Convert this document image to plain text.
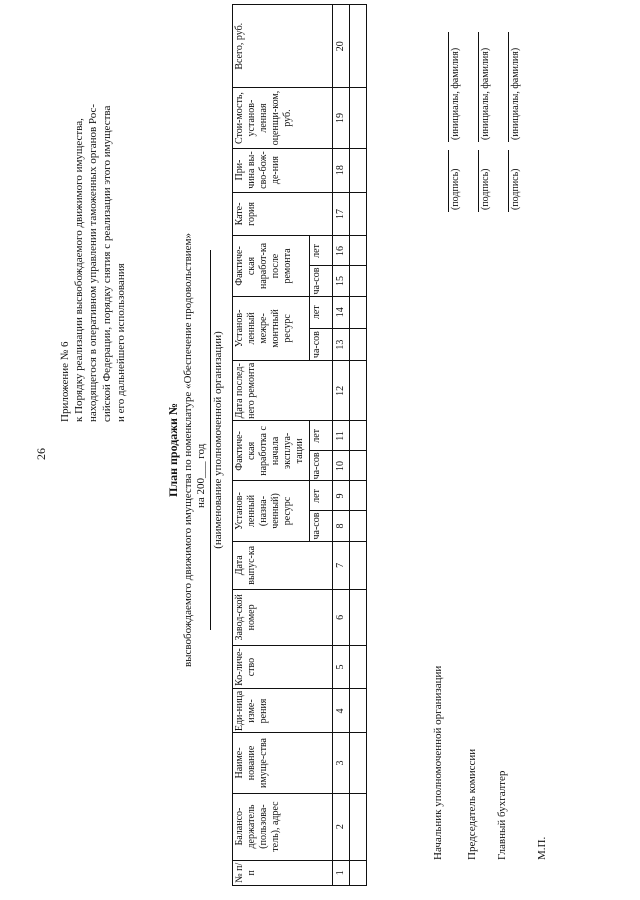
26
Приложение № 6 к Порядку реализации высвобождаемого движимого имущества, находящегося в оперативном управлении таможенных органов Рос- сийской Федерации, порядку снятия с реализации этого имущества и его дальнейшего использования
План продажи № высвобождаемого движимого имущества по номенклатуре «Обеспечение продовольствием» на 200___ год (наименование уполномоченной организации)
№ п/п	Балансо-держатель (пользова-тель), адрес	Наиме-нование имуще-ства	Еди-ница изме-рения	Ко-личе-ство	Завод-ской номер	Дата выпус-ка	Установ-ленный (назна-ченный) ресурс		Фактиче-ская наработка с начала эксплуа-тации		Дата послед-него ремонта	Установ-ленный межре-монтный ресурс		Фактиче-ская наработ-ка после ремонта		Кате-гория	При-чина вы-сво-бож-де-ния	Стои-мость, установ-ленная оценщи-ком, руб.	Всего, руб.
							ча-сов	лет	ча-сов	лет		ча-сов	лет	ча-сов	лет				
1	2	3	4	5	6	7	8	9	10	11	12	13	14	15	16	17	18	19	20

Начальник уполномоченной организации
(подпись)
(инициалы, фамилия)
Председатель комиссии
(подпись)
(инициалы, фамилия)
Главный бухгалтер
(подпись)
(инициалы, фамилия)
М.П.
